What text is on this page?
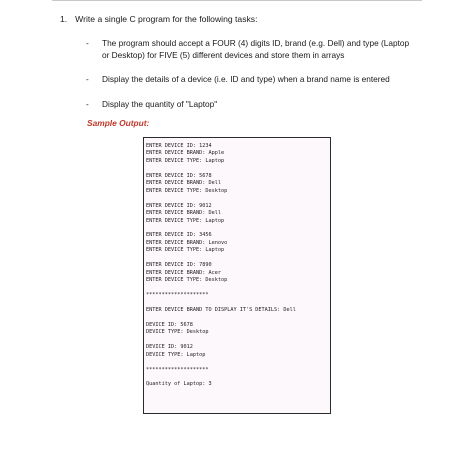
1. Write a single C program for the following tasks:
- The program should accept a FOUR (4) digits ID, brand (e.g. Dell) and type (Laptop
or Desktop) for FIVE (5) different devices and store them in arrays
- Display the details of a device (i.e. ID and type) when a brand name is entered
- Display the quantity of "Laptop"
Sample Output:
ENTER DEVICE ID: 1234
ENTER DEVICE BRAND: Apple
ENTER DEVICE TYPE: Laptop
ENTER DEVICE ID: 5678
ENTER DEVICE BRAND: Dell
ENTER DEVICE TYPE: Desktop
ENTER DEVICE ID: 9012
ENTER DEVICE BRAND: Dell
ENTER DEVICE TYPE: Laptop
ENTER DEVICE ID: 3456
ENTER DEVICE BRAND: Lenovo
ENTER DEVICE TYPE: Laptop
ENTER DEVICE ID: 7890
ENTER DEVICE BRAND: Acer
ENTER DEVICE TYPE: Desktop
********************
ENTER DEVICE BRAND TO DISPLAY IT'S DETAILS: Dell
DEVICE ID: 5678
DEVICE TYPE: Desktop
DEVICE ID: 9012
DEVICE TYPE: Laptop
********************
Quantity of Laptop: 3
